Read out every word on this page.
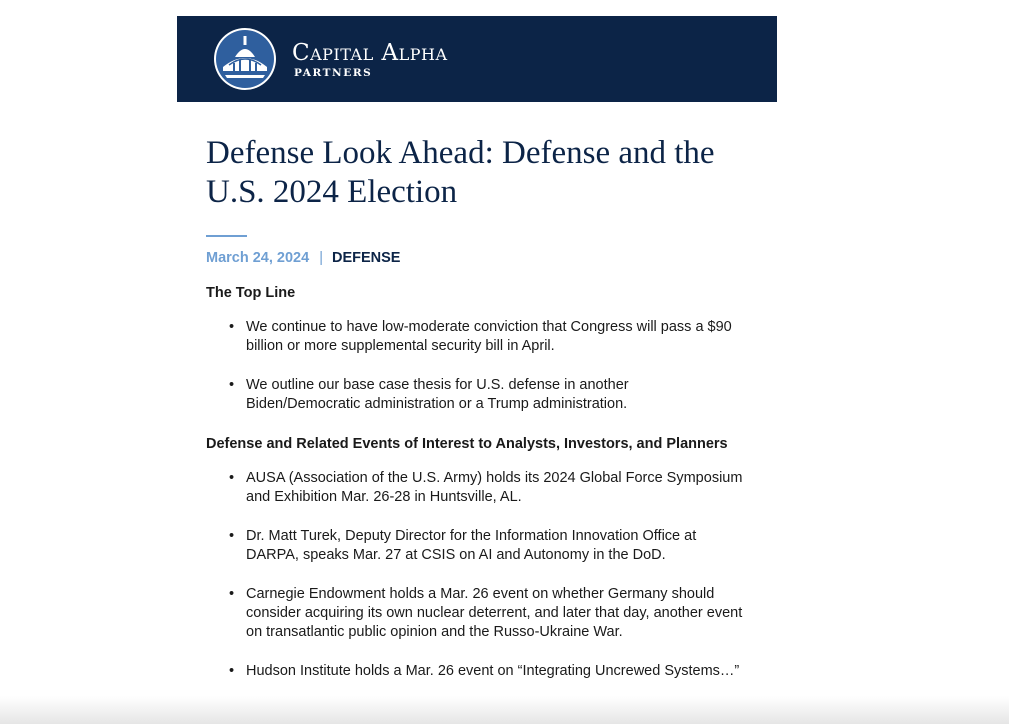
Capital Alpha
PARTNERS
Defense Look Ahead: Defense and the U.S. 2024 Election
March 24, 2024 | DEFENSE
The Top Line
• We continue to have low-moderate conviction that Congress will pass a $90 billion or more supplemental security bill in April.
• We outline our base case thesis for U.S. defense in another Biden/Democratic administration or a Trump administration.
Defense and Related Events of Interest to Analysts, Investors, and Planners
• AUSA (Association of the U.S. Army) holds its 2024 Global Force Symposium and Exhibition Mar. 26-28 in Huntsville, AL.
• Dr. Matt Turek, Deputy Director for the Information Innovation Office at DARPA, speaks Mar. 27 at CSIS on AI and Autonomy in the DoD.
• Carnegie Endowment holds a Mar. 26 event on whether Germany should consider acquiring its own nuclear deterrent, and later that day, another event on transatlantic public opinion and the Russo-Ukraine War.
• Hudson Institute holds a Mar. 26 event on “Integrating Uncrewed Systems…”
